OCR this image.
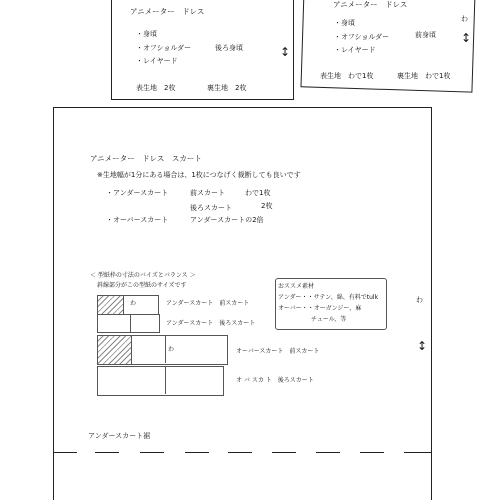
アニメーター　ドレス
・身頃
・オフショルダー
・レイヤード
後ろ身頃	↕
表生地　2枚	裏生地　2枚
アニメーター　ドレス
わ
・身頃
・オフショルダー
・レイヤード
前身頃 ↕
表生地　わで1枚	裏生地　わで1枚
アニメーター　ドレス　スカート
※生地幅が1分にある場合は、1枚につなげく裁断しても良いです
・アンダースカート	前スカート	わで1枚
後ろスカート	2枚
・オーバースカート	アンダースカートの2倍
＜ 型紙枠の寸法のバイズとバランス ＞
斜線部分がこの型紙のサイズです
わ	アンダースカート　前スカート
アンダースカート　後ろスカート
わ	オーバースカート　前スカート
オ バ スカ ト　後ろスカート
おススメ素材
アンダー・・サテン、綿、有料でtulk
オーバー・・オーガンジー、麻
チュール、等
わ
↕
アンダースカート裾
